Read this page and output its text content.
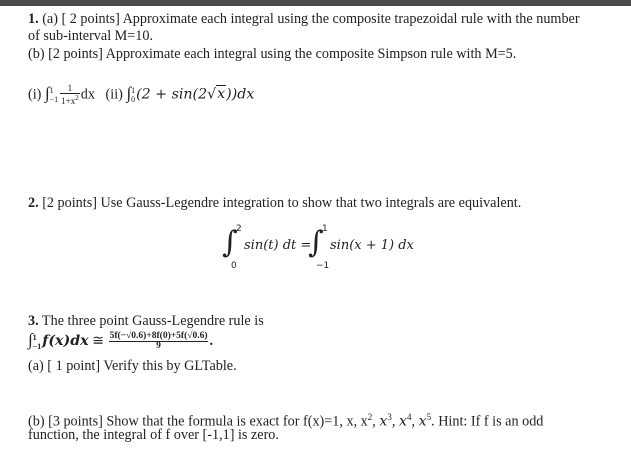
1. (a) [ 2 points] Approximate each integral using the composite trapezoidal rule with the number
of sub-interval M=10.
(b) [2 points] Approximate each integral using the composite Simpson rule with M=5.
(i) ∫ 1
$-1 \frac{1}{1+x^2}$ dx (ii) ∫ 1
0 (2 + sin(2√x))dx
2. [2 points] Use Gauss-Legendre integration to show that two integrals are equivalent.
∫
2
0
sin(t) dt =
∫
1
−1
sin(x + 1) dx
3. The three point Gauss-Legendre rule is
∫ 1
−1 f(x)dx ≅ $\frac{5f(-√0.6)+8f(0)+5f(√0.6)}{9}$ .
(a) [ 1 point] Verify this by GLTable.
(b) [3 points] Show that the formula is exact for f(x)=1, x, $x^2$, $x^3$, $x^4$, $x^5$. Hint: If f is an odd
function, the integral of f over [-1,1] is zero.
